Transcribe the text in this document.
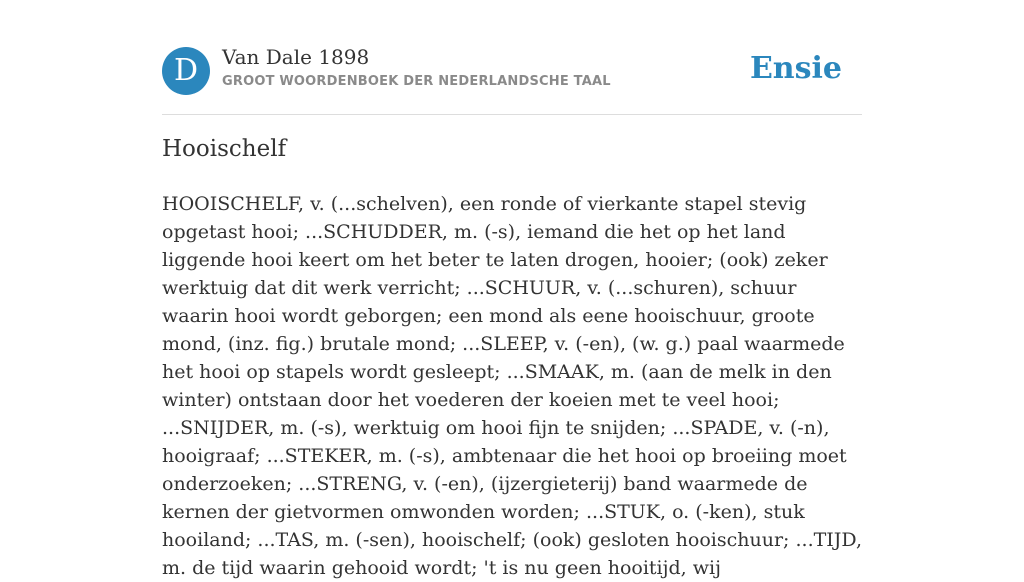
D	Van Dale 1898
GROOT WOORDENBOEK DER NEDERLANDSCHE TAAL	Ensie
Hooischelf

HOOISCHELF, v. (...schelven), een ronde of vierkante stapel stevig opgetast hooi; ...SCHUDDER, m. (-s), iemand die het op het land liggende hooi keert om het beter te laten drogen, hooier; (ook) zeker werktuig dat dit werk verricht; ...SCHUUR, v. (...schuren), schuur waarin hooi wordt geborgen; een mond als eene hooischuur, groote mond, (inz. fig.) brutale mond; ...SLEEP, v. (-en), (w. g.) paal waarmede het hooi op stapels wordt gesleept; ...SMAAK, m. (aan de melk in den winter) ontstaan door het voederen der koeien met te veel hooi; ...SNIJDER, m. (-s), werktuig om hooi fijn te snijden; ...SPADE, v. (-n), hooigraaf; ...STEKER, m. (-s), ambtenaar die het hooi op broeiing moet onderzoeken; ...STRENG, v. (-en), (ijzergieterij) band waarmede de kernen der gietvormen omwonden worden; ...STUK, o. (-ken), stuk hooiland; ...TAS, m. (-sen), hooischelf; (ook) gesloten hooischuur; ...TIJD, m. de tijd waarin gehooid wordt; 't is nu geen hooitijd, wij
